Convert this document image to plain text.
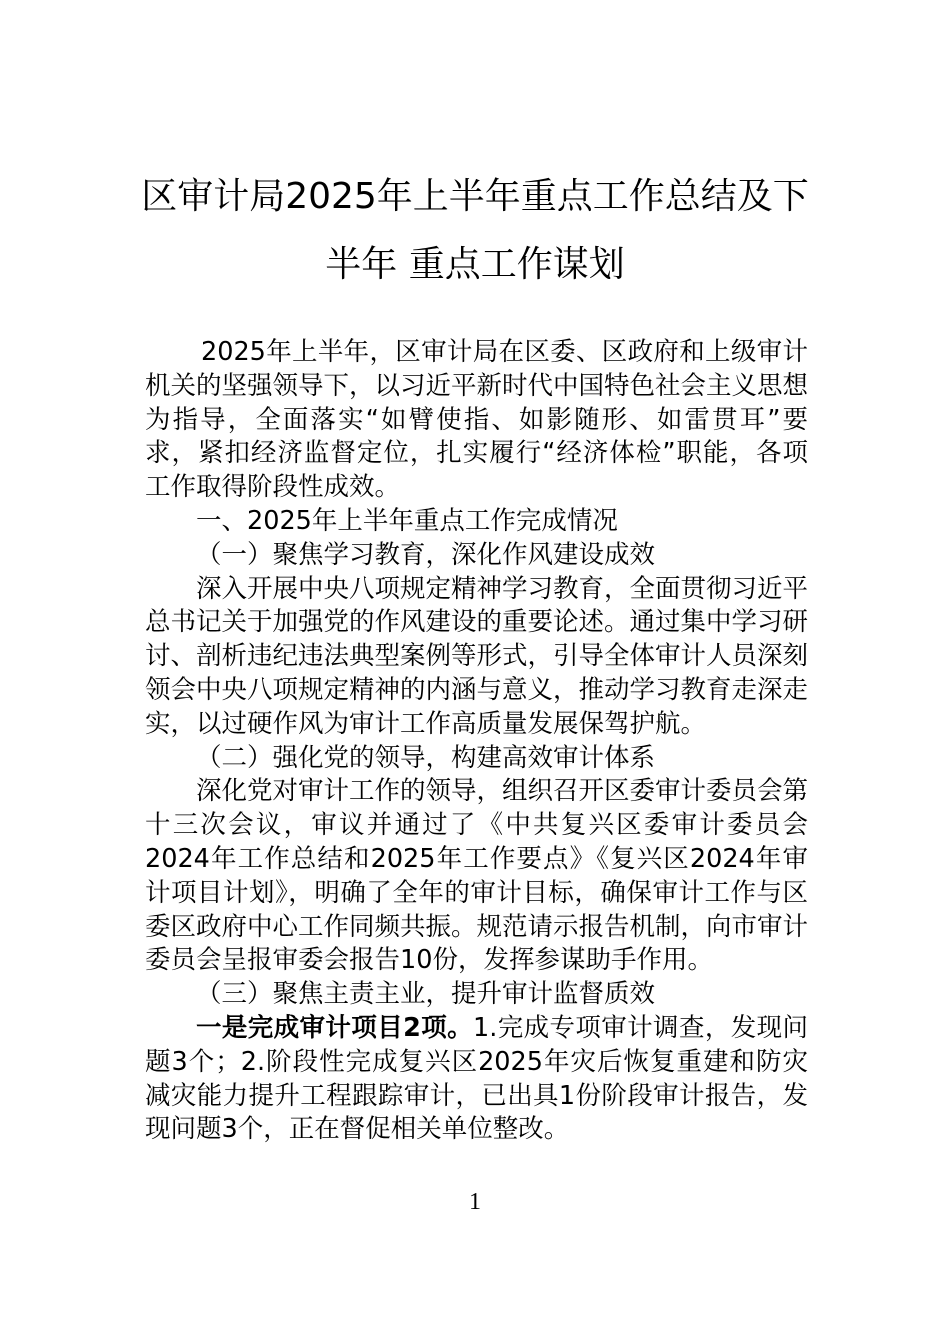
区审计局2025年上半年重点工作总结及下
半年 重点工作谋划

2025年上半年，区审计局在区委、区政府和上级审计机关的坚强领导下，以习近平新时代中国特色社会主义思想为指导，全面落实“如臂使指、如影随形、如雷贯耳”要求，紧扣经济监督定位，扎实履行“经济体检”职能，各项工作取得阶段性成效。

一、2025年上半年重点工作完成情况

（一）聚焦学习教育，深化作风建设成效

深入开展中央八项规定精神学习教育，全面贯彻习近平总书记关于加强党的作风建设的重要论述。通过集中学习研讨、剖析违纪违法典型案例等形式，引导全体审计人员深刻领会中央八项规定精神的内涵与意义，推动学习教育走深走实，以过硬作风为审计工作高质量发展保驾护航。

（二）强化党的领导，构建高效审计体系

深化党对审计工作的领导，组织召开区委审计委员会第十三次会议，审议并通过了《中共复兴区委审计委员会2024年工作总结和2025年工作要点》《复兴区2024年审计项目计划》，明确了全年的审计目标，确保审计工作与区委区政府中心工作同频共振。规范请示报告机制，向市审计委员会呈报审委会报告10份，发挥参谋助手作用。

（三）聚焦主责主业，提升审计监督质效

一是完成审计项目2项。1.完成专项审计调查，发现问题3个；2.阶段性完成复兴区2025年灾后恢复重建和防灾减灾能力提升工程跟踪审计，已出具1份阶段审计报告，发现问题3个，正在督促相关单位整改。

1
